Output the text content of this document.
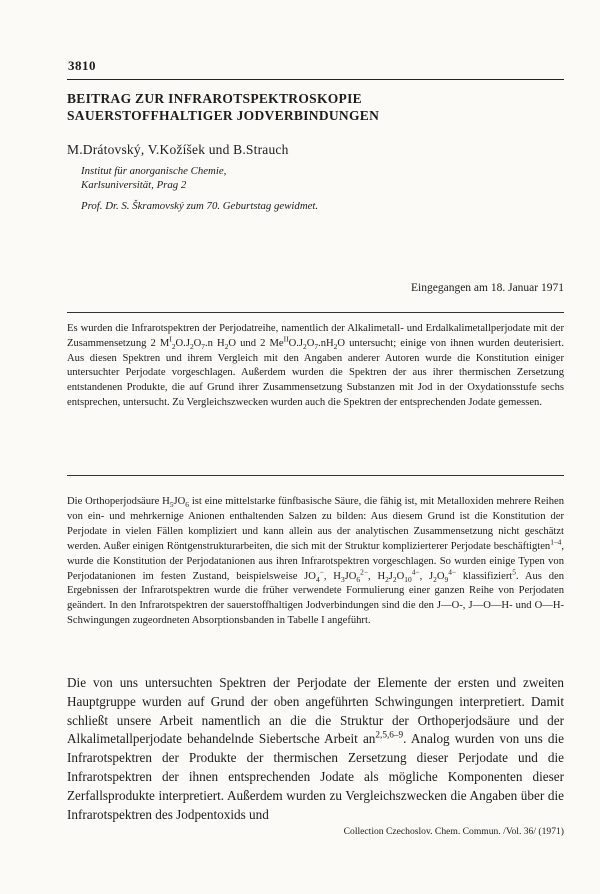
3810
BEITRAG ZUR INFRAROTSPEKTROSKOPIE
SAUERSTOFFHALTIGER JODVERBINDUNGEN
M.Drátovský, V.Kožíšek und B.Strauch
Institut für anorganische Chemie,
Karlsuniversität, Prag 2
Prof. Dr. S. Škramovský zum 70. Geburtstag gewidmet.
Eingegangen am 18. Januar 1971
Es wurden die Infrarotspektren der Perjodatreihe, namentlich der Alkalimetall- und Erdalkalimetallperjodate mit der Zusammensetzung 2 $M^I_2O.J_2O_7.n$ $H_2O$ und 2 $Me^{II}O.J_2O_7.nH_2O$ untersucht; einige von ihnen wurden deuterisiert. Aus diesen Spektren und ihrem Vergleich mit den Angaben anderer Autoren wurde die Konstitution einiger untersuchter Perjodate vorgeschlagen. Außerdem wurden die Spektren der aus ihrer thermischen Zersetzung entstandenen Produkte, die auf Grund ihrer Zusammensetzung Substanzen mit Jod in der Oxydationsstufe sechs entsprechen, untersucht. Zu Vergleichszwecken wurden auch die Spektren der entsprechenden Jodate gemessen.
Die Orthoperjodsäure $H_5JO_6$ ist eine mittelstarke fünfbasische Säure, die fähig ist, mit Metalloxiden mehrere Reihen von ein- und mehrkernige Anionen enthaltenden Salzen zu bilden: Aus diesem Grund ist die Konstitution der Perjodate in vielen Fällen kompliziert und kann allein aus der analytischen Zusammensetzung nicht geschätzt werden. Außer einigen Röntgenstrukturarbeiten, die sich mit der Struktur komplizierterer Perjodate beschäftigten$^{1-4}$, wurde die Konstitution der Perjodatanionen aus ihren Infrarotspektren vorgeschlagen. So wurden einige Typen von Perjodatanionen im festen Zustand, beispielsweise $JO_4^-$, $H_3JO_6^{2-}$, $H_2J_2O_{10}^{4-}$, $J_2O_9^{4-}$ klassifiziert$^5$. Aus den Ergebnissen der Infrarotspektren wurde die früher verwendete Formulierung einer ganzen Reihe von Perjodaten geändert. In den Infrarotspektren der sauerstoffhaltigen Jodverbindungen sind die den J—O-, J—O—H- und O—H-Schwingungen zugeordneten Absorptionsbanden in Tabelle I angeführt.
Die von uns untersuchten Spektren der Perjodate der Elemente der ersten und zweiten Hauptgruppe wurden auf Grund der oben angeführten Schwingungen interpretiert. Damit schließt unsere Arbeit namentlich an die die Struktur der Orthoperjodsäure und der Alkalimetallperjodate behandelnde Siebertsche Arbeit an$^{2,5,6-9}$. Analog wurden von uns die Infrarotspektren der Produkte der thermischen Zersetzung dieser Perjodate und die Infrarotspektren der ihnen entsprechenden Jodate als mögliche Komponenten dieser Zerfallsprodukte interpretiert. Außerdem wurden zu Vergleichszwecken die Angaben über die Infrarotspektren des Jodpentoxids und
Collection Czechoslov. Chem. Commun. /Vol. 36/ (1971)
